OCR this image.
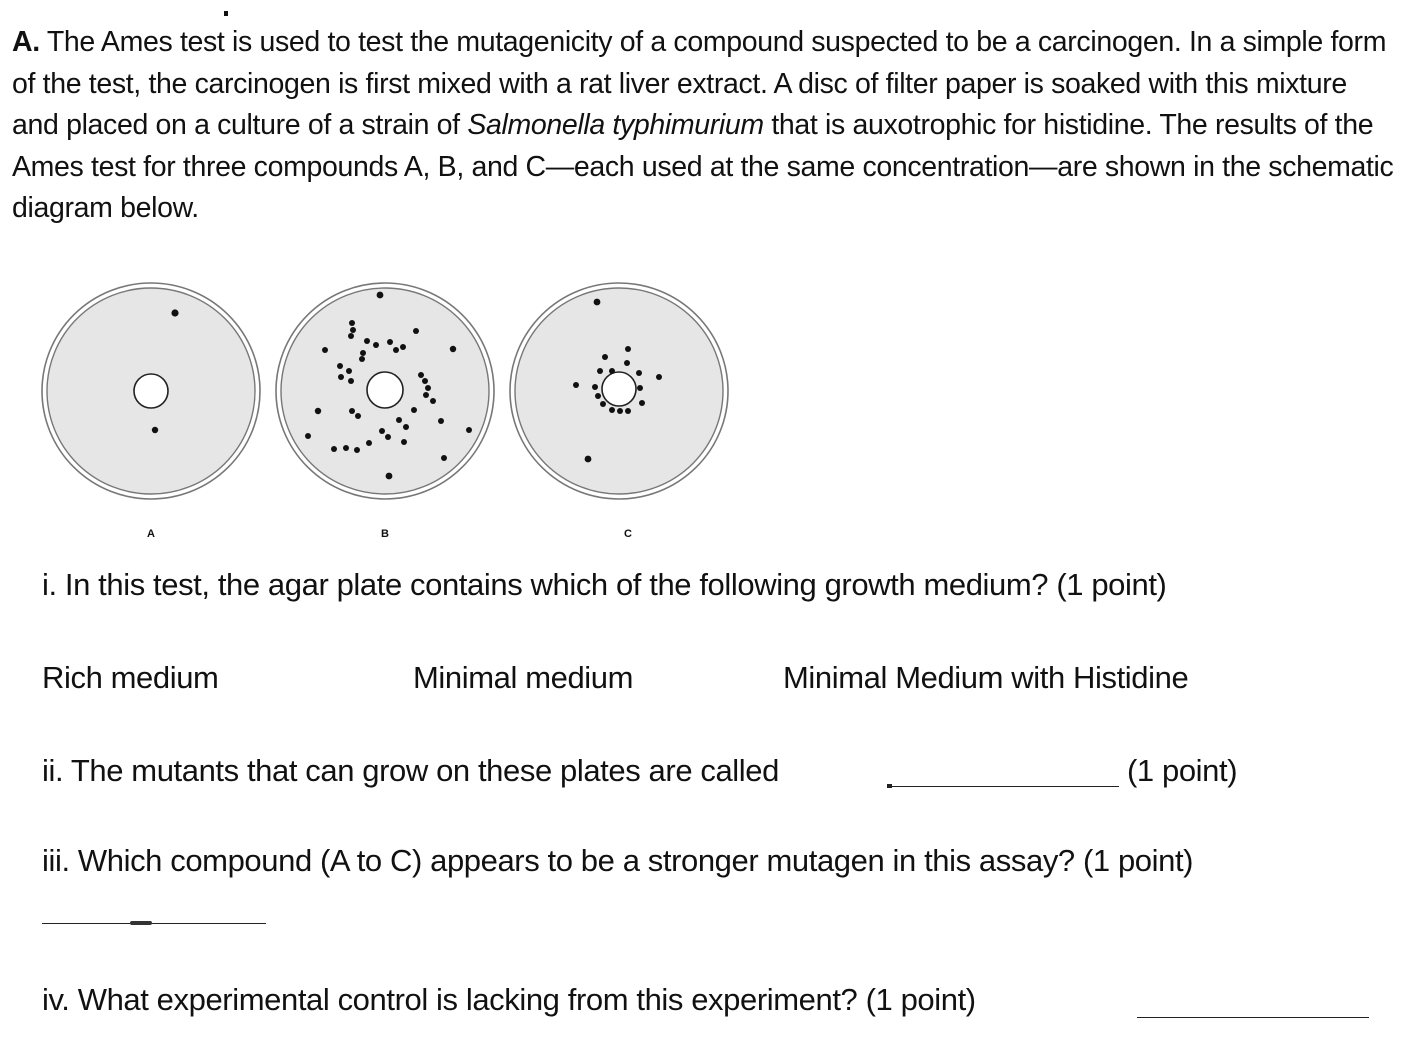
A. The Ames test is used to test the mutagenicity of a compound suspected to be a carcinogen. In a simple form of the test, the carcinogen is first mixed with a rat liver extract. A disc of filter paper is soaked with this mixture and placed on a culture of a strain of Salmonella typhimurium that is auxotrophic for histidine. The results of the Ames test for three compounds A, B, and C—each used at the same concentration—are shown in the schematic diagram below.

A	B	C

i. In this test, the agar plate contains which of the following growth medium? (1 point)

Rich medium	Minimal medium	Minimal Medium with Histidine

ii. The mutants that can grow on these plates are called	(1 point)

iii. Which compound (A to C) appears to be a stronger mutagen in this assay? (1 point)

iv. What experimental control is lacking from this experiment? (1 point)
